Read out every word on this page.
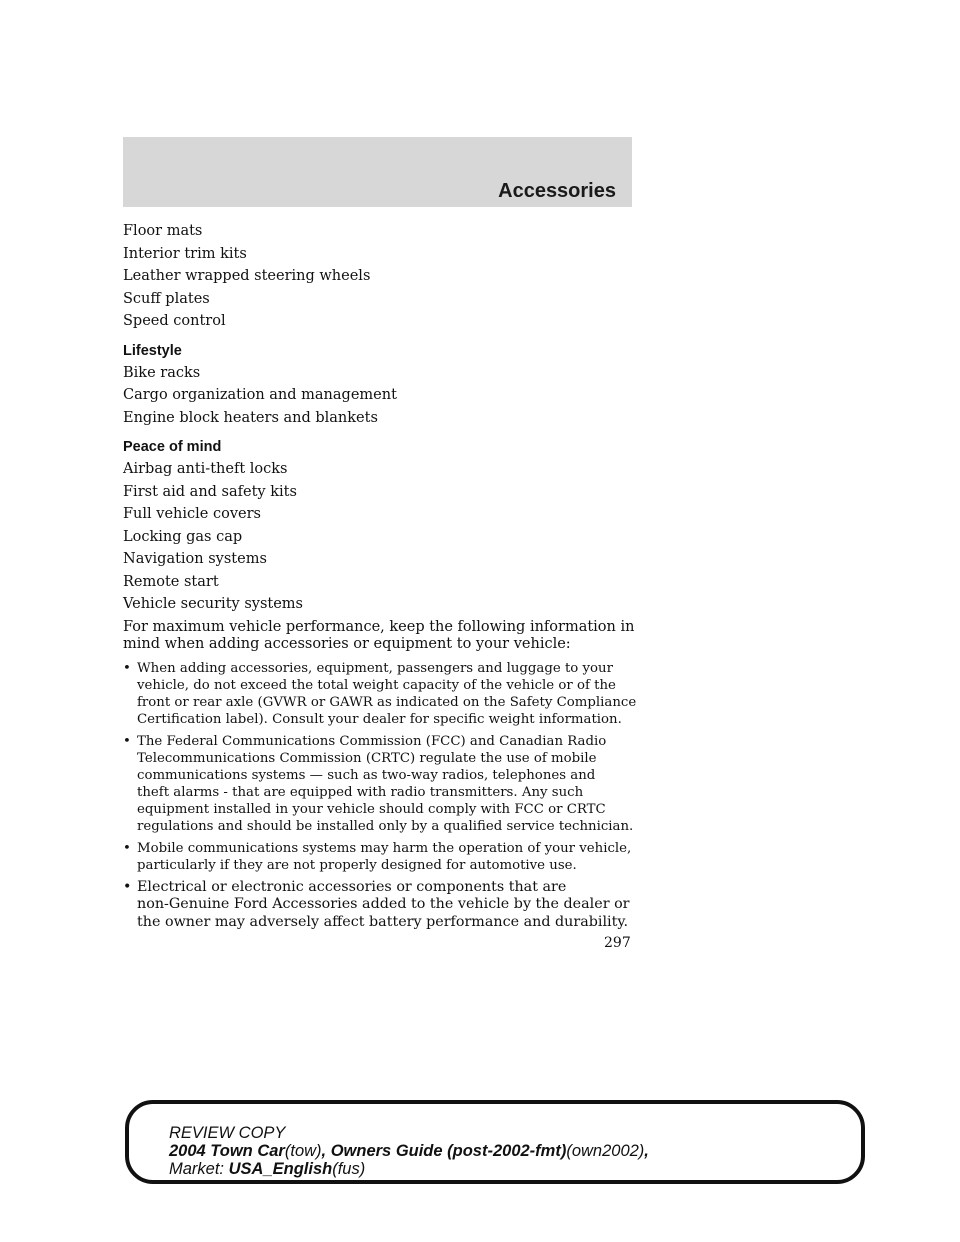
Accessories
Floor mats
Interior trim kits
Leather wrapped steering wheels
Scuff plates
Speed control
Lifestyle
Bike racks
Cargo organization and management
Engine block heaters and blankets
Peace of mind
Airbag anti-theft locks
First aid and safety kits
Full vehicle covers
Locking gas cap
Navigation systems
Remote start
Vehicle security systems
For maximum vehicle performance, keep the following information in
mind when adding accessories or equipment to your vehicle:
• When adding accessories, equipment, passengers and luggage to your
vehicle, do not exceed the total weight capacity of the vehicle or of the
front or rear axle (GVWR or GAWR as indicated on the Safety Compliance
Certification label). Consult your dealer for specific weight information.
• The Federal Communications Commission (FCC) and Canadian Radio
Telecommunications Commission (CRTC) regulate the use of mobile
communications systems — such as two-way radios, telephones and
theft alarms - that are equipped with radio transmitters. Any such
equipment installed in your vehicle should comply with FCC or CRTC
regulations and should be installed only by a qualified service technician.
• Mobile communications systems may harm the operation of your vehicle,
particularly if they are not properly designed for automotive use.
• Electrical or electronic accessories or components that are
non-Genuine Ford Accessories added to the vehicle by the dealer or
the owner may adversely affect battery performance and durability.
297
REVIEW COPY
2004 Town Car(tow), Owners Guide (post-2002-fmt)(own2002),
Market: USA_English(fus)
